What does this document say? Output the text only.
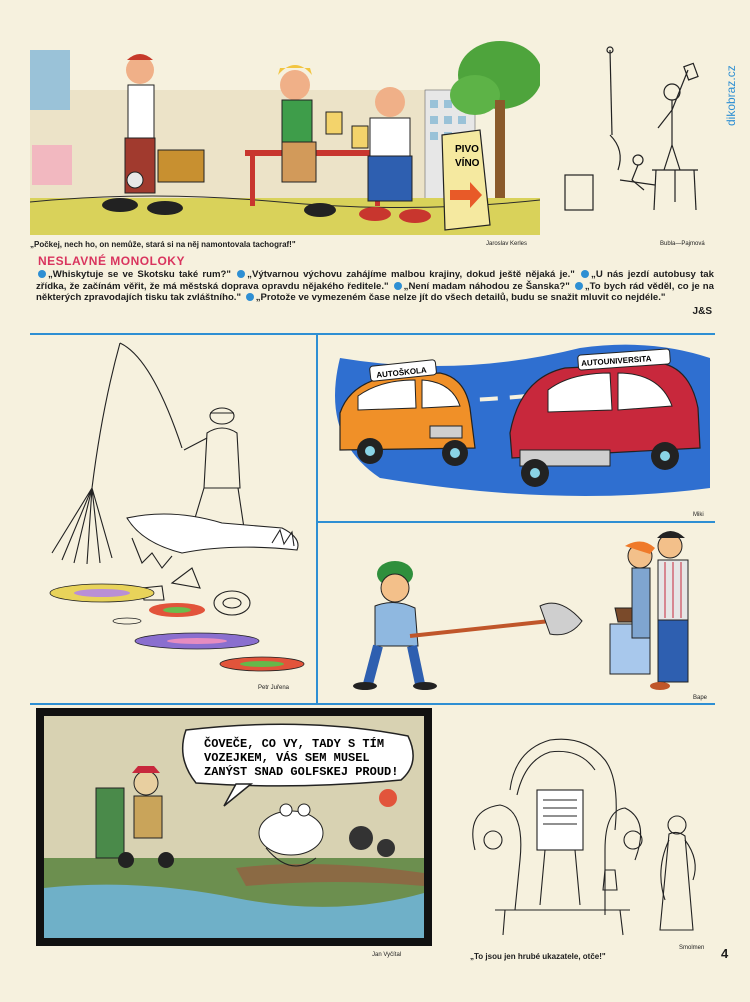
dikobraz.cz
PIVO
VÍNO
„Počkej, nech ho, on nemůže, stará si na něj namontovala tachograf!"	Jaroslav Kerles	Bubla—Pajmová
NESLAVNÉ MONOLOKY
„Whiskytuje se ve Skotsku také rum?" „Výtvarnou výchovu zahájíme malbou krajiny, dokud ještě nějaká je." „U nás jezdí autobusy tak zřídka, že začínám věřit, že má městská doprava opravdu nějakého ředitele." „Není madam náhodou ze Šanska?" „To bych rád věděl, co je na některých zpravodajích tisku tak zvláštního." „Protože ve vymezeném čase nelze jít do všech detailů, budu se snažit mluvit co nejdéle."
J&S
Petr Juřena
AUTOŠKOLA
AUTOUNIVERSITA
Miki
Bape
ČOVEČE, CO VY, TADY S TÍM
VOZEJKEM, VÁS SEM MUSEL
ZANÝST SNAD GOLFSKEJ PROUD!
Jan Vyčítal	„To jsou jen hrubé ukazatele, otče!"
Smolmen 4
